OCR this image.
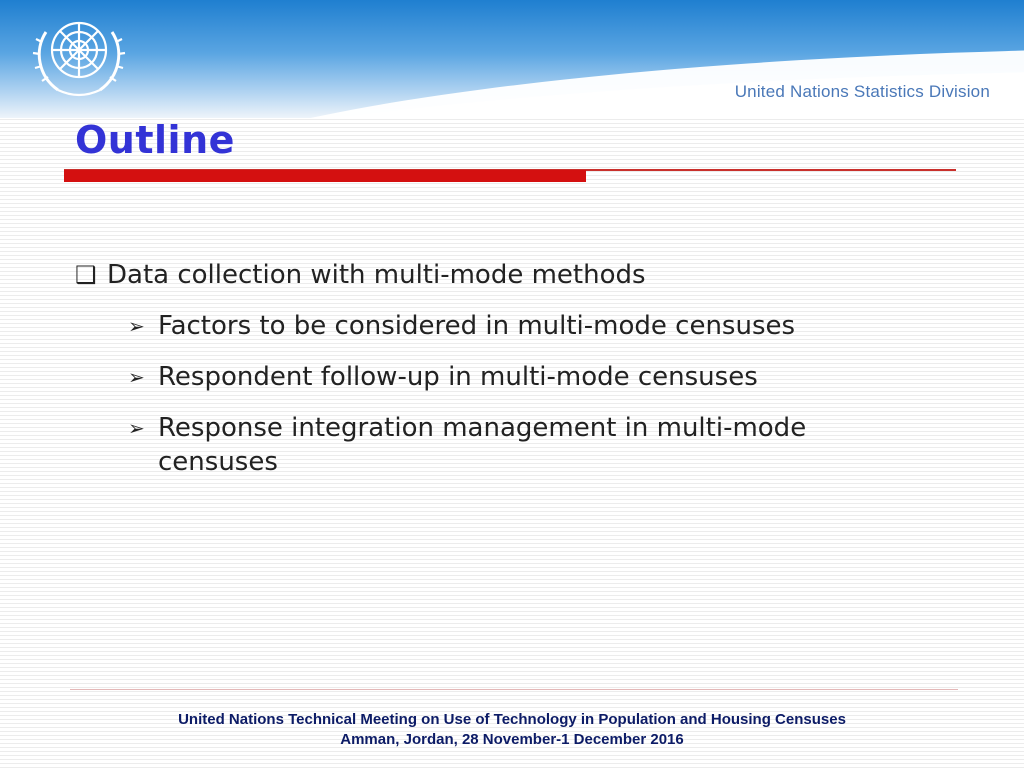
United Nations Statistics Division
Outline
❑ Data collection with multi-mode methods
➢ Factors to be considered in multi-mode censuses
➢ Respondent follow-up in multi-mode censuses
➢ Response integration management in multi-mode censuses
United Nations Technical Meeting on Use of Technology in Population and Housing Censuses
Amman, Jordan, 28 November-1 December 2016
